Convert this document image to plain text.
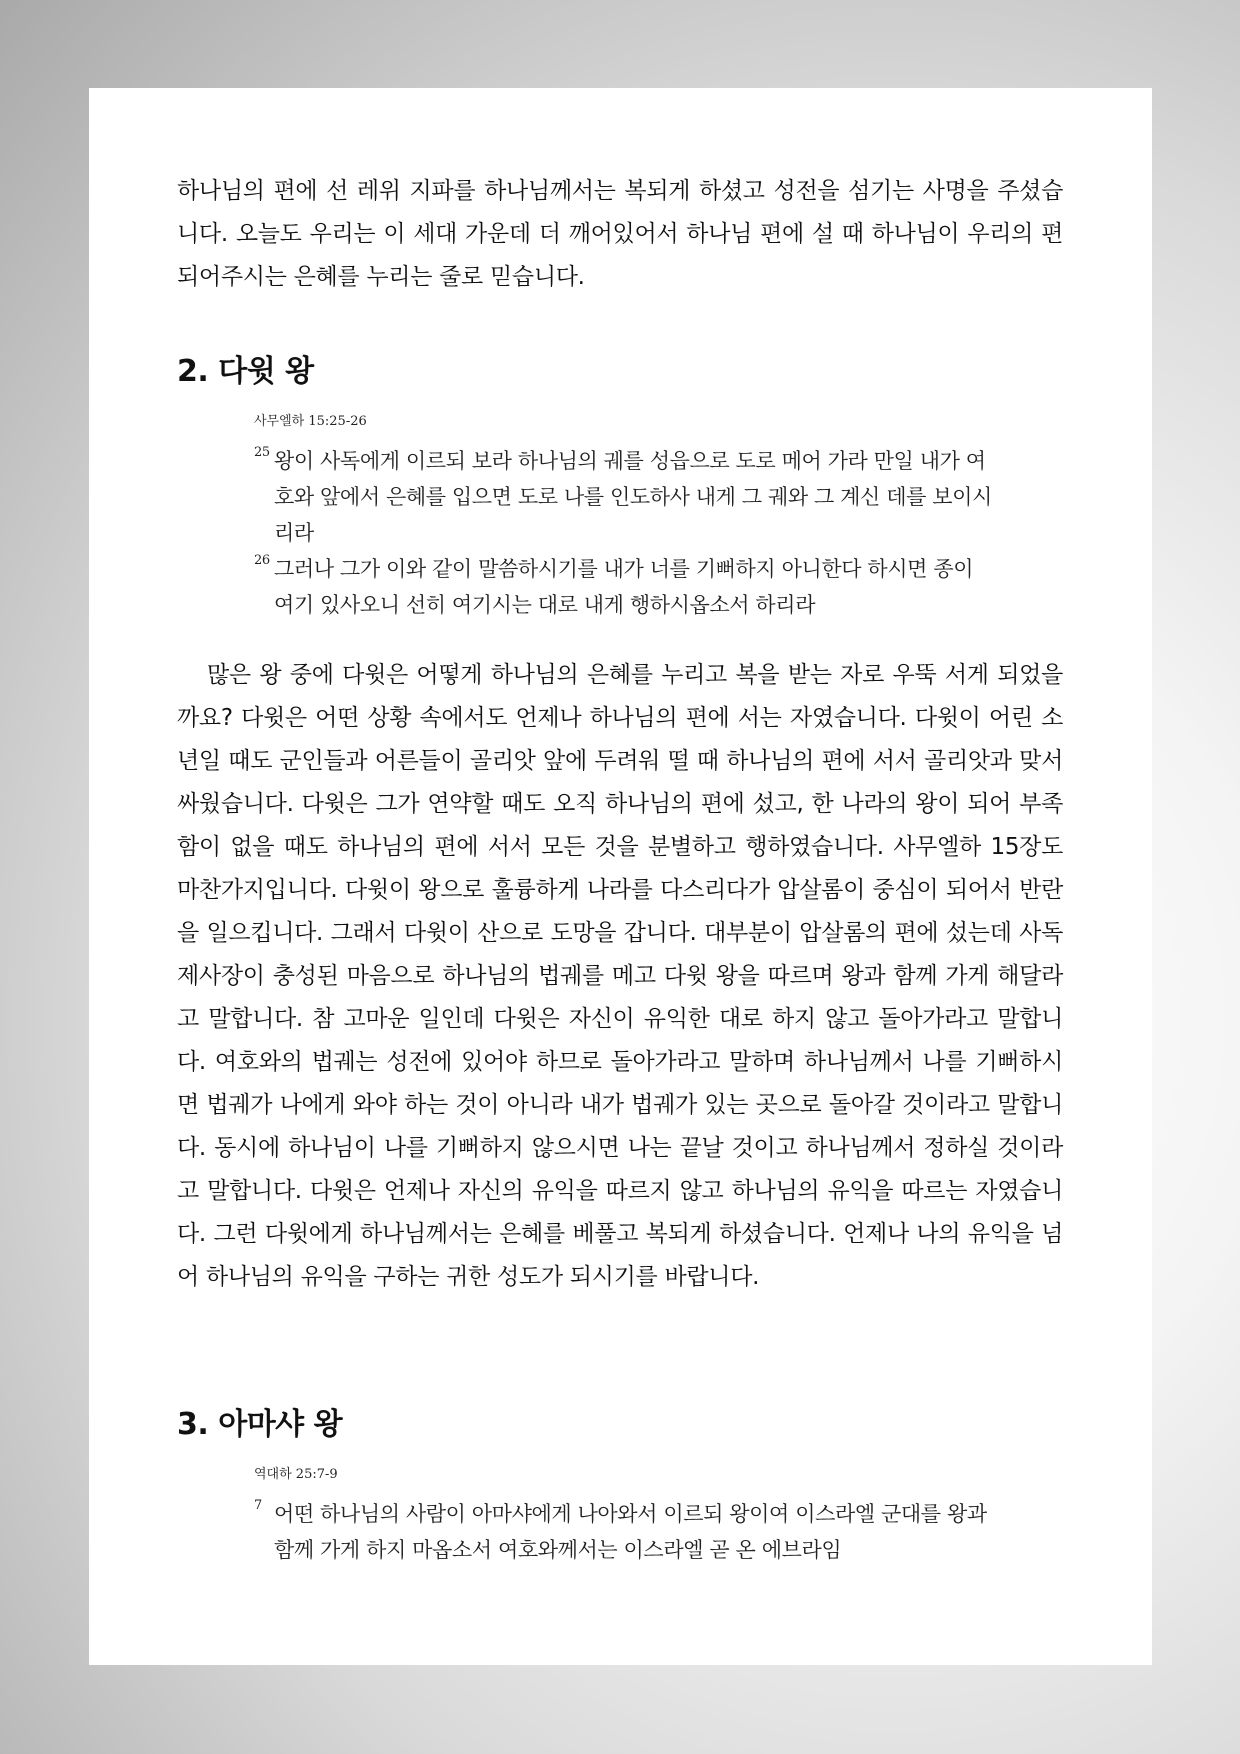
하나님의 편에 선 레위 지파를 하나님께서는 복되게 하셨고 성전을 섬기는 사명을 주셨습니다. 오늘도 우리는 이 세대 가운데 더 깨어있어서 하나님 편에 설 때 하나님이 우리의 편 되어주시는 은혜를 누리는 줄로 믿습니다.

2. 다윗 왕

사무엘하 15:25-26

25 왕이 사독에게 이르되 보라 하나님의 궤를 성읍으로 도로 메어 가라 만일 내가 여호와 앞에서 은혜를 입으면 도로 나를 인도하사 내게 그 궤와 그 계신 데를 보이시리라

26 그러나 그가 이와 같이 말씀하시기를 내가 너를 기뻐하지 아니한다 하시면 종이 여기 있사오니 선히 여기시는 대로 내게 행하시옵소서 하리라

많은 왕 중에 다윗은 어떻게 하나님의 은혜를 누리고 복을 받는 자로 우뚝 서게 되었을까요? 다윗은 어떤 상황 속에서도 언제나 하나님의 편에 서는 자였습니다. 다윗이 어린 소년일 때도 군인들과 어른들이 골리앗 앞에 두려워 떨 때 하나님의 편에 서서 골리앗과 맞서 싸웠습니다. 다윗은 그가 연약할 때도 오직 하나님의 편에 섰고, 한 나라의 왕이 되어 부족함이 없을 때도 하나님의 편에 서서 모든 것을 분별하고 행하였습니다. 사무엘하 15장도 마찬가지입니다. 다윗이 왕으로 훌륭하게 나라를 다스리다가 압살롬이 중심이 되어서 반란을 일으킵니다. 그래서 다윗이 산으로 도망을 갑니다. 대부분이 압살롬의 편에 섰는데 사독 제사장이 충성된 마음으로 하나님의 법궤를 메고 다윗 왕을 따르며 왕과 함께 가게 해달라고 말합니다. 참 고마운 일인데 다윗은 자신이 유익한 대로 하지 않고 돌아가라고 말합니다. 여호와의 법궤는 성전에 있어야 하므로 돌아가라고 말하며 하나님께서 나를 기뻐하시면 법궤가 나에게 와야 하는 것이 아니라 내가 법궤가 있는 곳으로 돌아갈 것이라고 말합니다. 동시에 하나님이 나를 기뻐하지 않으시면 나는 끝날 것이고 하나님께서 정하실 것이라고 말합니다. 다윗은 언제나 자신의 유익을 따르지 않고 하나님의 유익을 따르는 자였습니다. 그런 다윗에게 하나님께서는 은혜를 베풀고 복되게 하셨습니다. 언제나 나의 유익을 넘어 하나님의 유익을 구하는 귀한 성도가 되시기를 바랍니다.

3. 아마샤 왕

역대하 25:7-9

7 어떤 하나님의 사람이 아마샤에게 나아와서 이르되 왕이여 이스라엘 군대를 왕과 함께 가게 하지 마옵소서 여호와께서는 이스라엘 곧 온 에브라임
